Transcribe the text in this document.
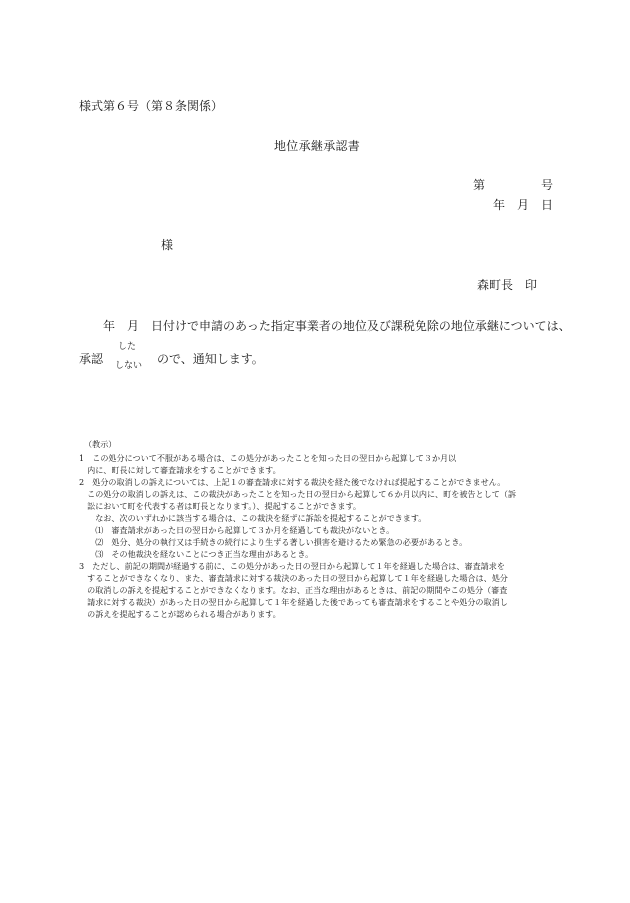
様式第６号（第８条関係）
地位承継承認書
第	号
年　月　日
様
森町長　印
年　月　日付けで申請のあった指定事業者の地位及び課税免除の地位承継については、
承認
した
しない ので、通知します。
（教示）
1　この処分について不服がある場合は、この処分があったことを知った日の翌日から起算して３か月以
　内に、町長に対して審査請求をすることができます。
2　処分の取消しの訴えについては、上記１の審査請求に対する裁決を経た後でなければ提起することができません。
　この処分の取消しの訴えは、この裁決があったことを知った日の翌日から起算して６か月以内に、町を被告として（訴
　訟において町を代表する者は町長となります。）、提起することができます。
　　なお、次のいずれかに該当する場合は、この裁決を経ずに訴訟を提起することができます。
　　⑴　審査請求があった日の翌日から起算して３か月を経過しても裁決がないとき。
　　⑵　処分、処分の執行又は手続きの続行により生ずる著しい損害を避けるため緊急の必要があるとき。
　　⑶　その他裁決を経ないことにつき正当な理由があるとき。
3　ただし、前記の期間が経過する前に、この処分があった日の翌日から起算して１年を経過した場合は、審査請求を
　することができなくなり、また、審査請求に対する裁決のあった日の翌日から起算して１年を経過した場合は、処分
　の取消しの訴えを提起することができなくなります。なお、正当な理由があるときは、前記の期間やこの処分（審査
　請求に対する裁決）があった日の翌日から起算して１年を経過した後であっても審査請求をすることや処分の取消し
　の訴えを提起することが認められる場合があります。
